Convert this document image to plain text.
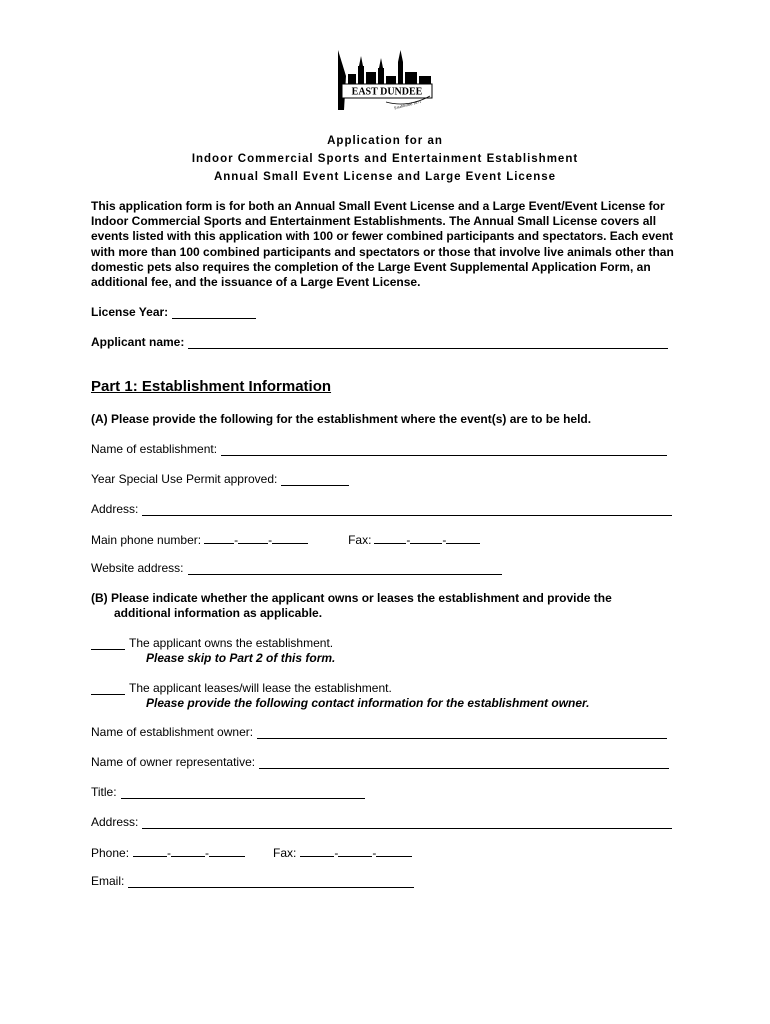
EAST DUNDEE
Established 1871
Application for an
Indoor Commercial Sports and Entertainment Establishment
Annual Small Event License and Large Event License
This application form is for both an Annual Small Event License and a Large Event/Event License for Indoor Commercial Sports and Entertainment Establishments. The Annual Small License covers all events listed with this application with 100 or fewer combined participants and spectators. Each event with more than 100 combined participants and spectators or those that involve live animals other than domestic pets also requires the completion of the Large Event Supplemental Application Form, an additional fee, and the issuance of a Large Event License.
License Year:
Applicant name:
Part 1: Establishment Information
(A) Please provide the following for the establishment where the event(s) are to be held.
Name of establishment:
Year Special Use Permit approved:
Address:
Main phone number:	-	-	Fax:	-	-
Website address:
(B) Please indicate whether the applicant owns or leases the establishment and provide the
additional information as applicable.
The applicant owns the establishment.
Please skip to Part 2 of this form.
The applicant leases/will lease the establishment.
Please provide the following contact information for the establishment owner.
Name of establishment owner:
Name of owner representative:
Title:
Address:
Phone:	-	-	Fax:	-	-
Email:
